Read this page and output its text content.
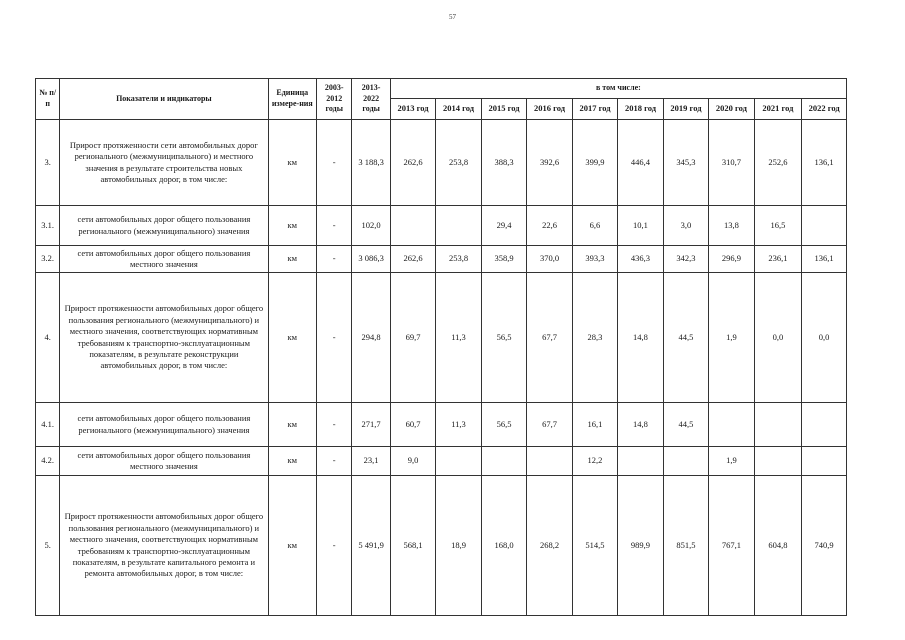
57
№ п/п	Показатели и индикаторы	Единица измере-ния	2003-2012 годы	2013-2022 годы	в том числе:									
					2013 год	2014 год	2015 год	2016 год	2017 год	2018 год	2019 год	2020 год	2021 год	2022 год
3.	Прирост протяженности сети автомобильных дорог регионального (межмуниципального) и местного значения в результате строительства новых автомобильных дорог, в том числе:	км	-	3 188,3	262,6	253,8	388,3	392,6	399,9	446,4	345,3	310,7	252,6	136,1
3.1.	сети автомобильных дорог общего пользования регионального (межмуниципального) значения	км	-	102,0			29,4	22,6	6,6	10,1	3,0	13,8	16,5	
3.2.	сети автомобильных дорог общего пользования местного значения	км	-	3 086,3	262,6	253,8	358,9	370,0	393,3	436,3	342,3	296,9	236,1	136,1
4.	Прирост протяженности автомобильных дорог общего пользования регионального (межмуниципального) и местного значения, соответствующих нормативным требованиям к транспортно-эксплуатационным показателям, в результате реконструкции автомобильных дорог, в том числе:	км	-	294,8	69,7	11,3	56,5	67,7	28,3	14,8	44,5	1,9	0,0	0,0
4.1.	сети автомобильных дорог общего пользования регионального (межмуниципального) значения	км	-	271,7	60,7	11,3	56,5	67,7	16,1	14,8	44,5			
4.2.	сети автомобильных дорог общего пользования местного значения	км	-	23,1	9,0				12,2			1,9		
5.	Прирост протяженности автомобильных дорог общего пользования регионального (межмуниципального) и местного значения, соответствующих нормативным требованиям к транспортно-эксплуатационным показателям, в результате капитального ремонта и ремонта автомобильных дорог, в том числе:	км	-	5 491,9	568,1	18,9	168,0	268,2	514,5	989,9	851,5	767,1	604,8	740,9
